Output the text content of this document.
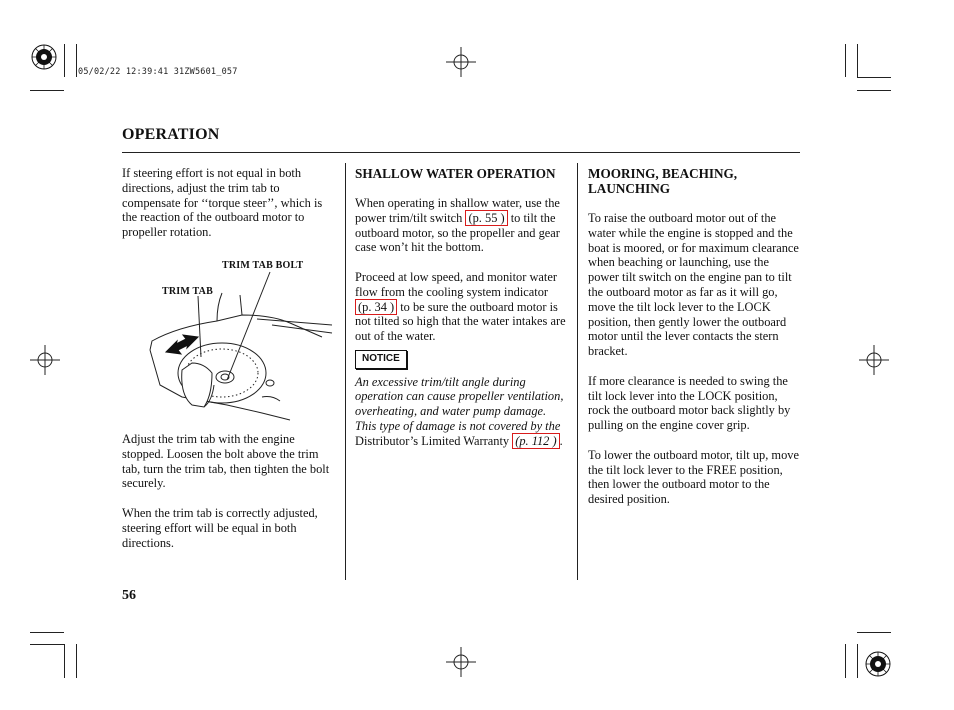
05/02/22 12:39:41 31ZW5601_057
OPERATION

If steering effort is not equal in both directions, adjust the trim tab to compensate for ‘‘torque steer’’, which is the reaction of the outboard motor to propeller rotation.

TRIM TAB BOLT
TRIM TAB

Adjust the trim tab with the engine stopped. Loosen the bolt above the trim tab, turn the trim tab, then tighten the bolt securely.

When the trim tab is correctly adjusted, steering effort will be equal in both directions.

SHALLOW WATER OPERATION

When operating in shallow water, use the power trim/tilt switch (p. 55 ) to tilt the outboard motor, so the propeller and gear case won’t hit the bottom.

Proceed at low speed, and monitor water flow from the cooling system indicator (p. 34 ) to be sure the outboard motor is not tilted so high that the water intakes are out of the water.

NOTICE
An excessive trim/tilt angle during operation can cause propeller ventilation, overheating, and water pump damage. This type of damage is not covered by the Distributor’s Limited Warranty (p. 112 ) .
MOORING, BEACHING, LAUNCHING

To raise the outboard motor out of the water while the engine is stopped and the boat is moored, or for maximum clearance when beaching or launching, use the power tilt switch on the engine pan to tilt the outboard motor as far as it will go, move the tilt lock lever to the LOCK position, then gently lower the outboard motor until the lever contacts the stern bracket.

If more clearance is needed to swing the tilt lock lever into the LOCK position, rock the outboard motor back slightly by pulling on the engine cover grip.

To lower the outboard motor, tilt up, move the tilt lock lever to the FREE position, then lower the outboard motor to the desired position.

56
